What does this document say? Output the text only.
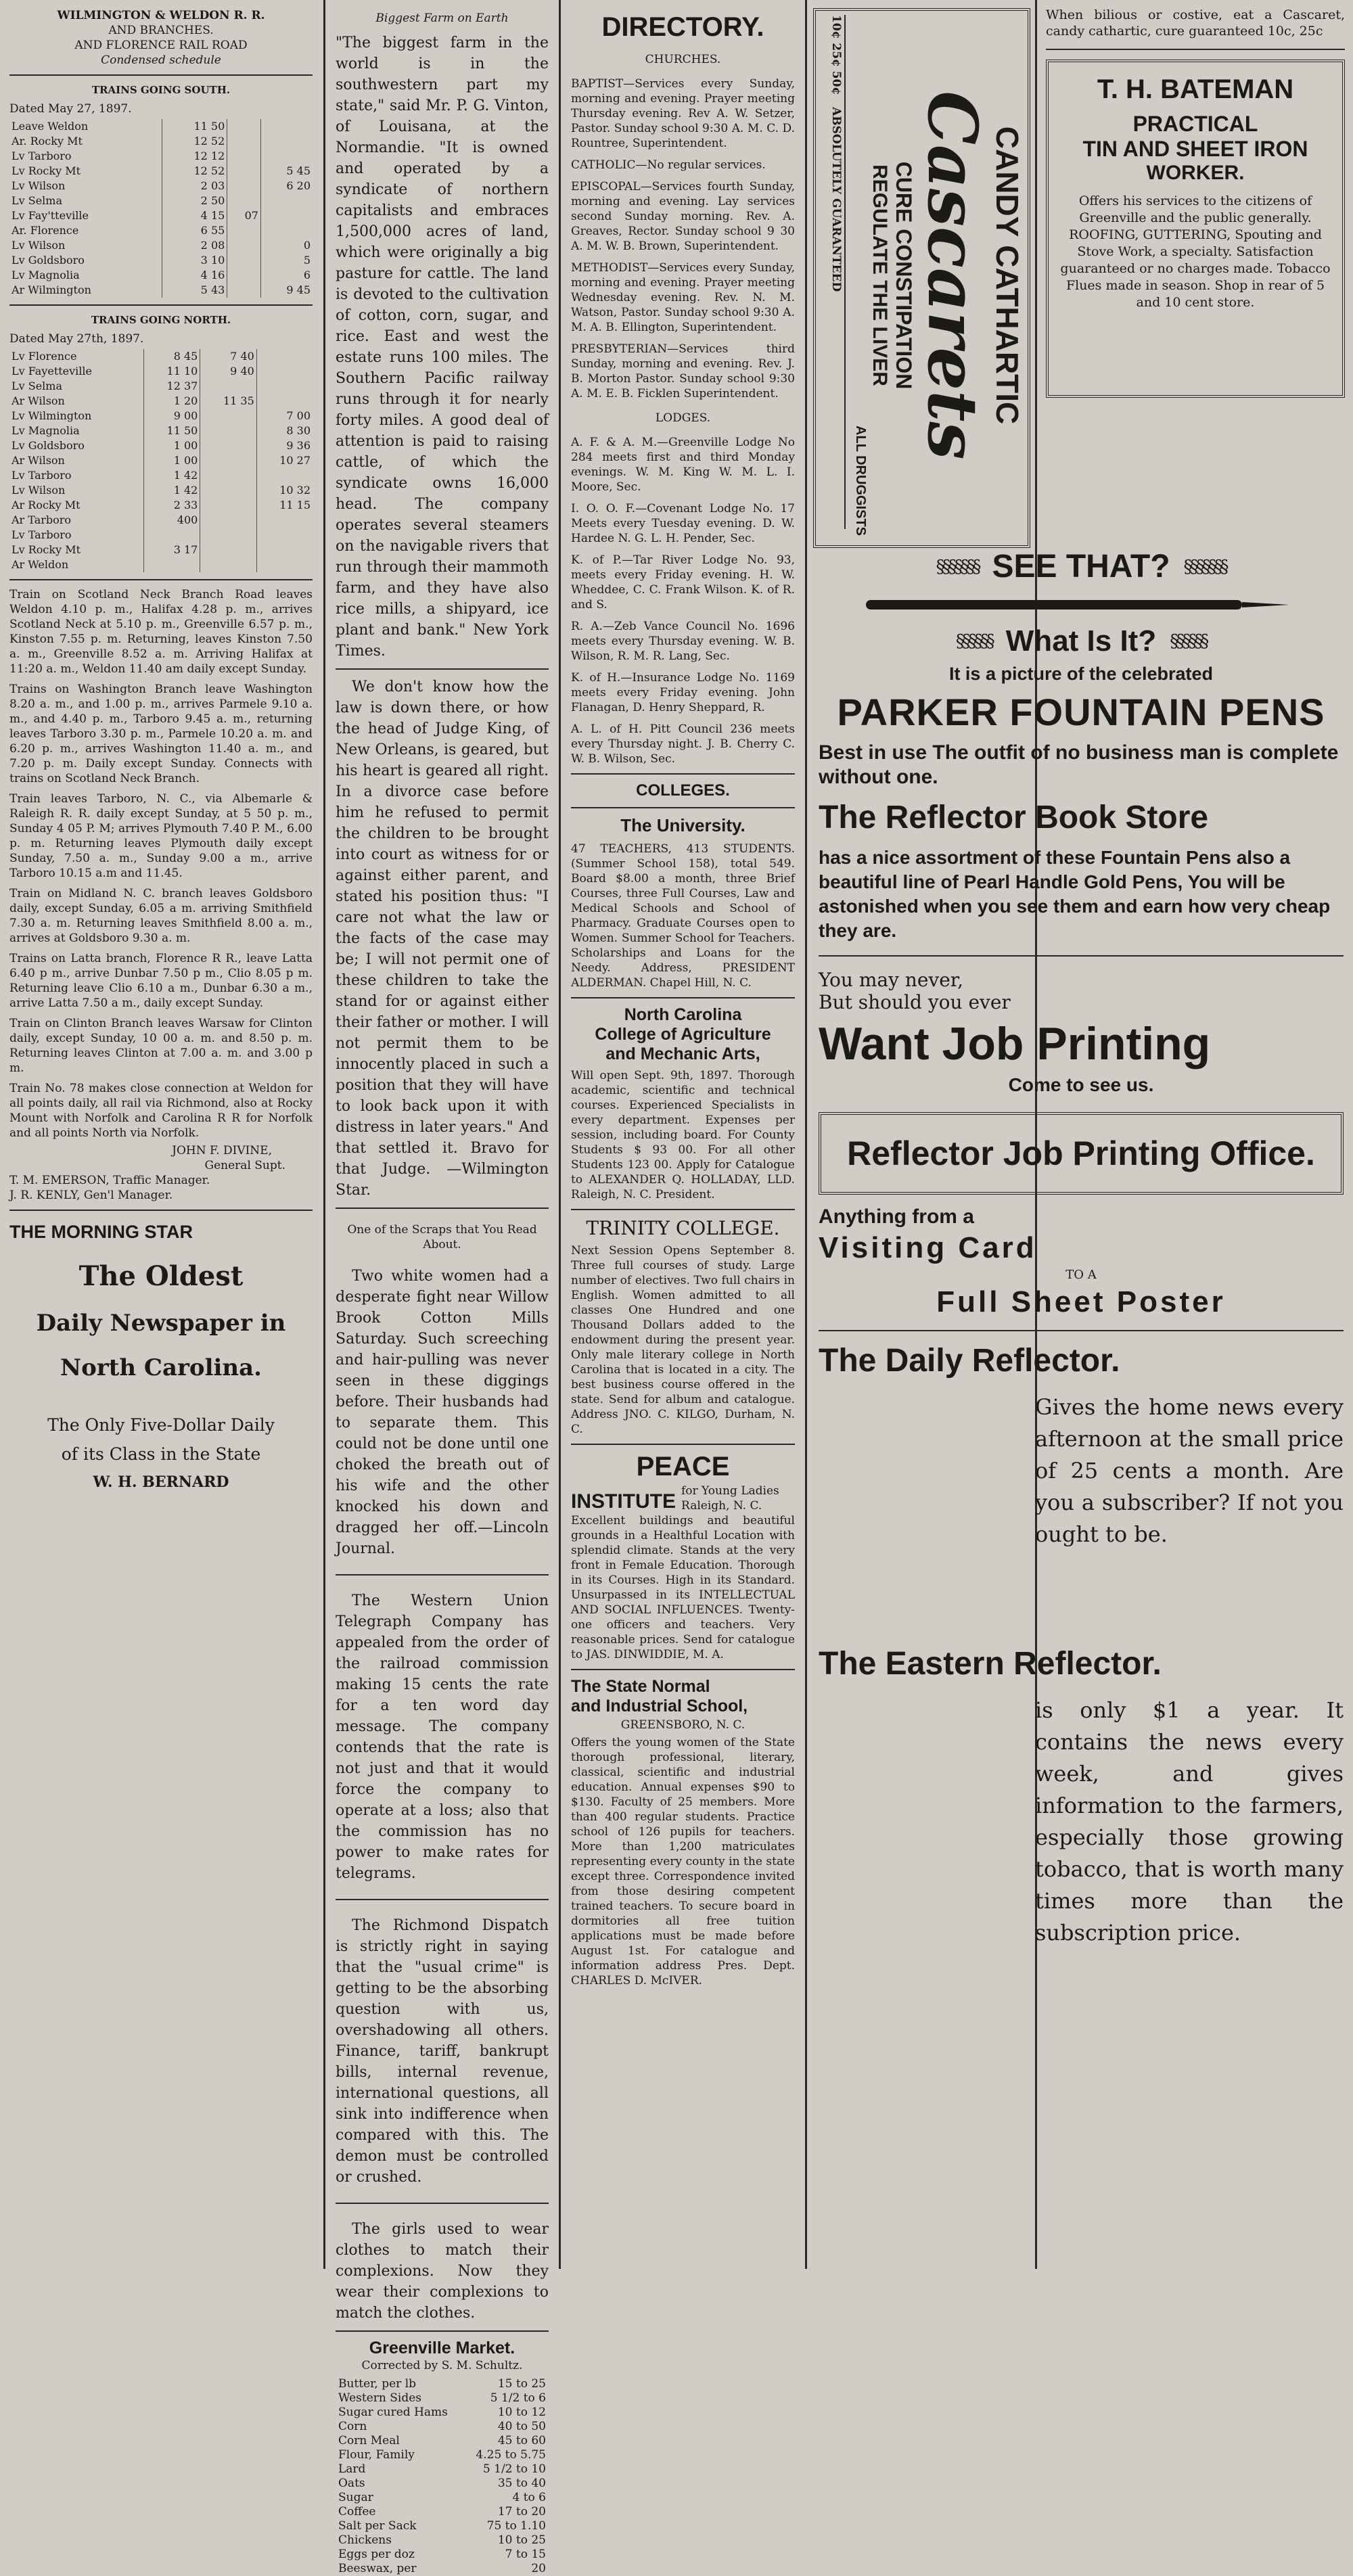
WILMINGTON & WELDON R. R.
AND BRANCHES.
AND FLORENCE RAIL ROAD
Condensed schedule
TRAINS GOING SOUTH.
Dated May 27, 1897.
Leave Weldon	11 50		
Ar. Rocky Mt	12 52		
Lv Tarboro	12 12		
Lv Rocky Mt	12 52		5 45
Lv Wilson	2 03		6 20
Lv Selma	2 50		
Lv Fay'tteville	4 15	07	
Ar. Florence	6 55		
Lv Wilson	2 08		0
Lv Goldsboro	3 10		5
Lv Magnolia	4 16		6
Ar Wilmington	5 43		9 45
TRAINS GOING NORTH.
Dated May 27th, 1897.
Lv Florence	8 45	7 40	
Lv Fayetteville	11 10	9 40	
Lv Selma	12 37		
Ar Wilson	1 20	11 35	
Lv Wilmington	9 00		7 00
Lv Magnolia	11 50		8 30
Lv Goldsboro	1 00		9 36
Ar Wilson	1 00		10 27
Lv Tarboro	1 42		
Lv Wilson	1 42		10 32
Ar Rocky Mt	2 33		11 15
Ar Tarboro	400		
Lv Tarboro			
Lv Rocky Mt	3 17		
Ar Weldon			
Train on Scotland Neck Branch Road leaves Weldon 4.10 p. m., Halifax 4.28 p. m., arrives Scotland Neck at 5.10 p. m., Greenville 6.57 p. m., Kinston 7.55 p. m. Returning, leaves Kinston 7.50 a. m., Greenville 8.52 a. m. Arriving Halifax at 11:20 a. m., Weldon 11.40 am daily except Sunday.
Trains on Washington Branch leave Washington 8.20 a. m., and 1.00 p. m., arrives Parmele 9.10 a. m., and 4.40 p. m., Tarboro 9.45 a. m., returning leaves Tarboro 3.30 p. m., Parmele 10.20 a. m. and 6.20 p. m., arrives Washington 11.40 a. m., and 7.20 p. m. Daily except Sunday. Connects with trains on Scotland Neck Branch.
Train leaves Tarboro, N. C., via Albemarle & Raleigh R. R. daily except Sunday, at 5 50 p. m., Sunday 4 05 P. M; arrives Plymouth 7.40 P. M., 6.00 p. m. Returning leaves Plymouth daily except Sunday, 7.50 a. m., Sunday 9.00 a m., arrive Tarboro 10.15 a.m and 11.45.
Train on Midland N. C. branch leaves Goldsboro daily, except Sunday, 6.05 a m. arriving Smithfield 7.30 a. m. Returning leaves Smithfield 8.00 a. m., arrives at Goldsboro 9.30 a. m.
Trains on Latta branch, Florence R R., leave Latta 6.40 p m., arrive Dunbar 7.50 p m., Clio 8.05 p m. Returning leave Clio 6.10 a m., Dunbar 6.30 a m., arrive Latta 7.50 a m., daily except Sunday.
Train on Clinton Branch leaves Warsaw for Clinton daily, except Sunday, 10 00 a. m. and 8.50 p. m. Returning leaves Clinton at 7.00 a. m. and 3.00 p m.
Train No. 78 makes close connection at Weldon for all points daily, all rail via Richmond, also at Rocky Mount with Norfolk and Carolina R R for Norfolk and all points North via Norfolk.
JOHN F. DIVINE,
General Supt.
T. M. EMERSON, Traffic Manager.
J. R. KENLY, Gen'l Manager.
THE MORNING STAR
The Oldest
Daily Newspaper in
North Carolina.
The Only Five-Dollar Daily
of its Class in the State
W. H. BERNARD
Biggest Farm on Earth
"The biggest farm in the world is in the southwestern part my state," said Mr. P. G. Vinton, of Louisana, at the Normandie. "It is owned and operated by a syndicate of northern capitalists and embraces 1,500,000 acres of land, which were originally a big pasture for cattle. The land is devoted to the cultivation of cotton, corn, sugar, and rice. East and west the estate runs 100 miles. The Southern Pacific railway runs through it for nearly forty miles. A good deal of attention is paid to raising cattle, of which the syndicate owns 16,000 head. The company operates several steamers on the navigable rivers that run through their mammoth farm, and they have also rice mills, a shipyard, ice plant and bank." New York Times.
We don't know how the law is down there, or how the head of Judge King, of New Orleans, is geared, but his heart is geared all right. In a divorce case before him he refused to permit the children to be brought into court as witness for or against either parent, and stated his position thus: "I care not what the law or the facts of the case may be; I will not permit one of these children to take the stand for or against either their father or mother. I will not permit them to be innocently placed in such a position that they will have to look back upon it with distress in later years." And that settled it. Bravo for that Judge. —Wilmington Star.
One of the Scraps that You Read About.
Two white women had a desperate fight near Willow Brook Cotton Mills Saturday. Such screeching and hair-pulling was never seen in these diggings before. Their husbands had to separate them. This could not be done until one choked the breath out of his wife and the other knocked his down and dragged her off.—Lincoln Journal.
The Western Union Telegraph Company has appealed from the order of the railroad commission making 15 cents the rate for a ten word day message. The company contends that the rate is not just and that it would force the company to operate at a loss; also that the commission has no power to make rates for telegrams.
The Richmond Dispatch is strictly right in saying that the "usual crime" is getting to be the absorbing question with us, overshadowing all others. Finance, tariff, bankrupt bills, internal revenue, international questions, all sink into indifference when compared with this. The demon must be controlled or crushed.
The girls used to wear clothes to match their complexions. Now they wear their complexions to match the clothes.
Greenville Market.
Corrected by S. M. Schultz.
Butter, per lb	15 to 25
Western Sides	5 1/2 to 6
Sugar cured Hams	10 to 12
Corn	40 to 50
Corn Meal	45 to 60
Flour, Family	4.25 to 5.75
Lard	5 1/2 to 10
Oats	35 to 40
Sugar	4 to 6
Coffee	17 to 20
Salt per Sack	75 to 1.10
Chickens	10 to 25
Eggs per doz	7 to 15
Beeswax, per	20
DIRECTORY.
CHURCHES.
BAPTIST—Services every Sunday, morning and evening. Prayer meeting Thursday evening. Rev A. W. Setzer, Pastor. Sunday school 9:30 A. M. C. D. Rountree, Superintendent.
CATHOLIC—No regular services.
EPISCOPAL—Services fourth Sunday, morning and evening. Lay services second Sunday morning. Rev. A. Greaves, Rector. Sunday school 9 30 A. M. W. B. Brown, Superintendent.
METHODIST—Services every Sunday, morning and evening. Prayer meeting Wednesday evening. Rev. N. M. Watson, Pastor. Sunday school 9:30 A. M. A. B. Ellington, Superintendent.
PRESBYTERIAN—Services third Sunday, morning and evening. Rev. J. B. Morton Pastor. Sunday school 9:30 A. M. E. B. Ficklen Superintendent.
LODGES.
A. F. & A. M.—Greenville Lodge No 284 meets first and third Monday evenings. W. M. King W. M. L. I. Moore, Sec.
I. O. O. F.—Covenant Lodge No. 17 Meets every Tuesday evening. D. W. Hardee N. G. L. H. Pender, Sec.
K. of P.—Tar River Lodge No. 93, meets every Friday evening. H. W. Wheddee, C. C. Frank Wilson. K. of R. and S.
R. A.—Zeb Vance Council No. 1696 meets every Thursday evening. W. B. Wilson, R. M. R. Lang, Sec.
K. of H.—Insurance Lodge No. 1169 meets every Friday evening. John Flanagan, D. Henry Sheppard, R.
A. L. of H. Pitt Council 236 meets every Thursday night. J. B. Cherry C. W. B. Wilson, Sec.
COLLEGES.
The University.
47 TEACHERS, 413 STUDENTS. (Summer School 158), total 549. Board $8.00 a month, three Brief Courses, three Full Courses, Law and Medical Schools and School of Pharmacy. Graduate Courses open to Women. Summer School for Teachers. Scholarships and Loans for the Needy. Address, PRESIDENT ALDERMAN. Chapel Hill, N. C.
North Carolina
College of Agriculture
and Mechanic Arts,
Will open Sept. 9th, 1897. Thorough academic, scientific and technical courses. Experienced Specialists in every department. Expenses per session, including board. For County Students $ 93 00. For all other Students 123 00. Apply for Catalogue to ALEXANDER Q. HOLLADAY, LLD. Raleigh, N. C. President.
TRINITY COLLEGE.
Next Session Opens September 8. Three full courses of study. Large number of electives. Two full chairs in English. Women admitted to all classes One Hundred and one Thousand Dollars added to the endowment during the present year. Only male literary college in North Carolina that is located in a city. The best business course offered in the state. Send for album and catalogue. Address JNO. C. KILGO, Durham, N. C.
PEACE
INSTITUTE for Young Ladies Raleigh, N. C.
Excellent buildings and beautiful grounds in a Healthful Location with splendid climate. Stands at the very front in Female Education. Thorough in its Courses. High in its Standard. Unsurpassed in its INTELLECTUAL AND SOCIAL INFLUENCES. Twenty-one officers and teachers. Very reasonable prices. Send for catalogue to JAS. DINWIDDIE, M. A.
The State Normal
and Industrial School,
GREENSBORO, N. C.
Offers the young women of the State thorough professional, literary, classical, scientific and industrial education. Annual expenses $90 to $130. Faculty of 25 members. More than 400 regular students. Practice school of 126 pupils for teachers. More than 1,200 matriculates representing every county in the state except three. Correspondence invited from those desiring competent trained teachers. To secure board in dormitories all free tuition applications must be made before August 1st. For catalogue and information address Pres. Dept. CHARLES D. McIVER.
10¢ 25¢ 50¢   ABSOLUTELY GUARANTEED	CANDY CATHARTIC
Cascarets
CURE CONSTIPATION
REGULATE THE LIVER
ALL DRUGGISTS
When bilious or costive, eat a Cascaret, candy cathartic, cure guaranteed 10c, 25c
T. H. BATEMAN
PRACTICAL
TIN AND SHEET IRON
WORKER.
Offers his services to the citizens of Greenville and the public generally. ROOFING, GUTTERING, Spouting and Stove Work, a specialty. Satisfaction guaranteed or no charges made. Tobacco Flues made in season. Shop in rear of 5 and 10 cent store.
§§§§§§§ SEE THAT? §§§§§§§
§§§§§§ What Is It? §§§§§§
It is a picture of the celebrated
PARKER FOUNTAIN PENS
Best in use The outfit of no business man is complete without one.
The Reflector Book Store
has a nice assortment of these Fountain Pens also a beautiful line of Pearl Handle Gold Pens, You will be astonished when you see them and earn how very cheap they are.
You may never,
But should you ever
Want Job Printing
Come to see us.
Reflector Job Printing Office.
Anything from a
Visiting Card
TO A
Full Sheet Poster
The Daily Reflector.
Gives the home news every afternoon at the small price of 25 cents a month. Are you a subscriber? If not you ought to be.
The Eastern Reflector.
is only $1 a year. It contains the news every week, and gives information to the farmers, especially those growing tobacco, that is worth many times more than the subscription price.
